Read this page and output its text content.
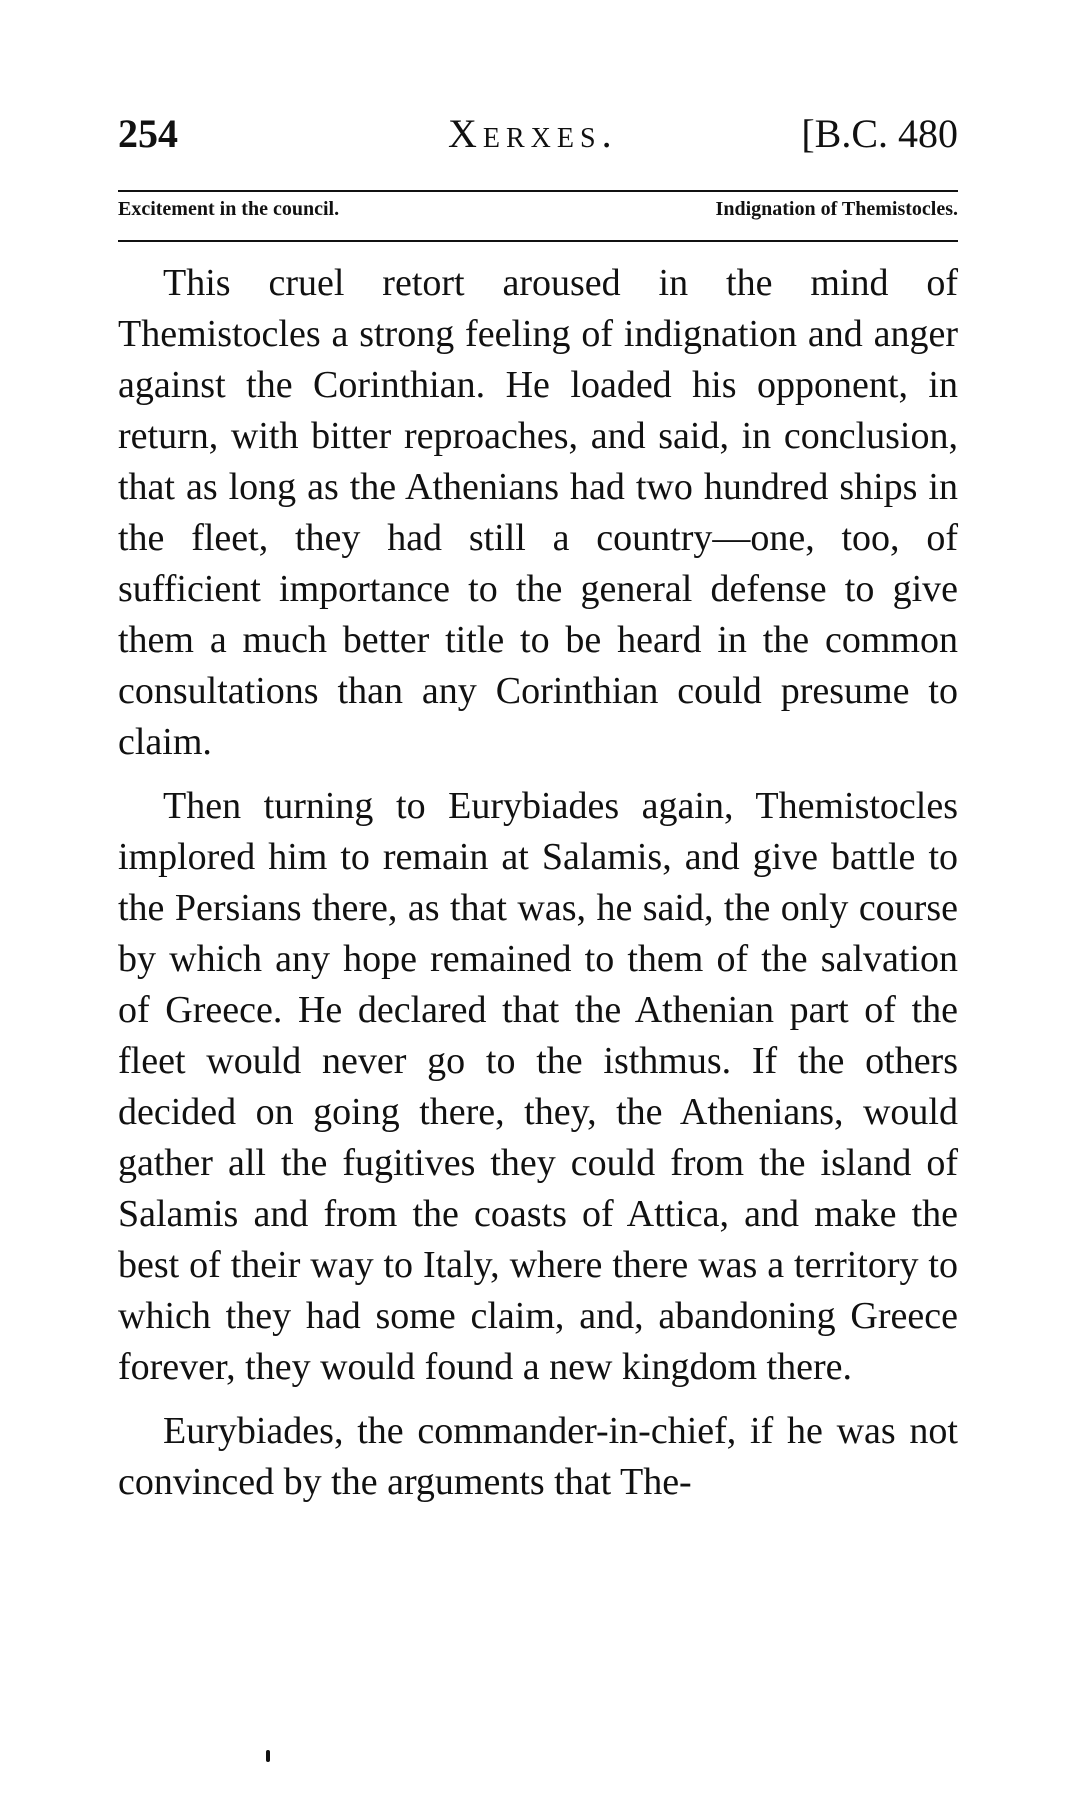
254	Xerxes.	[B.C. 480
Excitement in the council.	Indignation of Themistocles.

This cruel retort aroused in the mind of Themistocles a strong feeling of indignation and anger against the Corinthian. He loaded his opponent, in return, with bitter reproaches, and said, in conclusion, that as long as the Athenians had two hundred ships in the fleet, they had still a country—one, too, of sufficient importance to the general defense to give them a much better title to be heard in the common consultations than any Corinthian could presume to claim.

Then turning to Eurybiades again, Themistocles implored him to remain at Salamis, and give battle to the Persians there, as that was, he said, the only course by which any hope remained to them of the salvation of Greece. He declared that the Athenian part of the fleet would never go to the isthmus. If the others decided on going there, they, the Athenians, would gather all the fugitives they could from the island of Salamis and from the coasts of Attica, and make the best of their way to Italy, where there was a territory to which they had some claim, and, abandoning Greece forever, they would found a new kingdom there.

Eurybiades, the commander-in-chief, if he was not convinced by the arguments that The-
